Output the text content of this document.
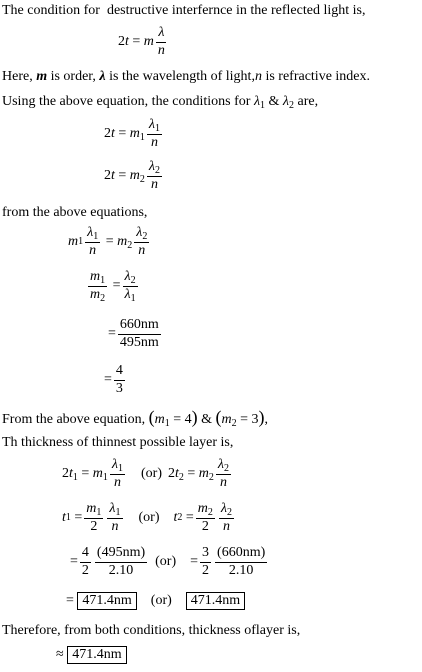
The condition for  destructive interfernce in the reflected light is,
2t = m $\frac{\lambda}{n}$
Here, m is order, λ is the wavelength of light,n is refractive index.
Using the above equation, the conditions for $\lambda_1$ & $\lambda_2$ are,
$2t = m_1 \frac{\lambda_1}{n}$
$2t = m_2 \frac{\lambda_2}{n}$
from the above equations,
m $1 \frac{\lambda_1}{n} = m_2 \frac{\lambda_2}{n}$
$\frac{m_1}{m_2} = \frac{\lambda_2}{\lambda_1}$
= $\frac{660nm}{495nm}$
= $\frac{4}{3}$
From the above equation, $(m_1 = 4)$ & $(m_2 = 3)$,
Th thickness of thinnest possible layer is,
$2t_1 = m_1 \frac{\lambda_1}{n} (or) 2t_2 = m_2 \frac{\lambda_2}{n}$
t $1 = \frac{m_1}{2} \frac{\lambda_1}{n} (or)$ t $2 = \frac{m_2}{2} \frac{\lambda_2}{n}$
= $\frac{4}{2} \frac{(495nm)}{2.10} (or) = \frac{3}{2} \frac{(660nm)}{2.10}$
= 471.4nm	(or)	471.4nm
Therefore, from both conditions, thickness oflayer is,
≈
471.4nm
